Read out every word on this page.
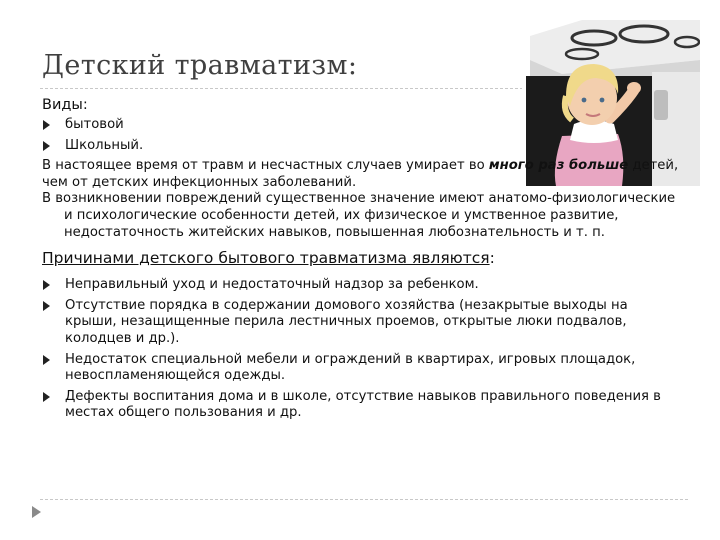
Детский травматизм:

Виды:

бытовой
Школьный.

В настоящее время от травм и несчастных случаев умирает во много раз больше детей, чем от детских инфекционных заболеваний.

В возникновении повреждений существенное значение имеют анатомо-физиологические и психологические особенности детей, их физическое и умственное развитие, недостаточность житейских навыков, повышенная любознательность и т. п.

Причинами детского бытового травматизма являются:

Неправильный уход и недостаточный надзор за ребенком.
Отсутствие порядка в содержании домового хозяйства (незакрытые выходы на крыши, незащищенные перила лестничных проемов, открытые люки подвалов, колодцев и др.).
Недостаток специальной мебели и ограждений в квартирах, игровых площадок, невоспламеняющейся одежды.
Дефекты воспитания дома и в школе, отсутствие навыков правильного поведения в местах общего пользования и др.
